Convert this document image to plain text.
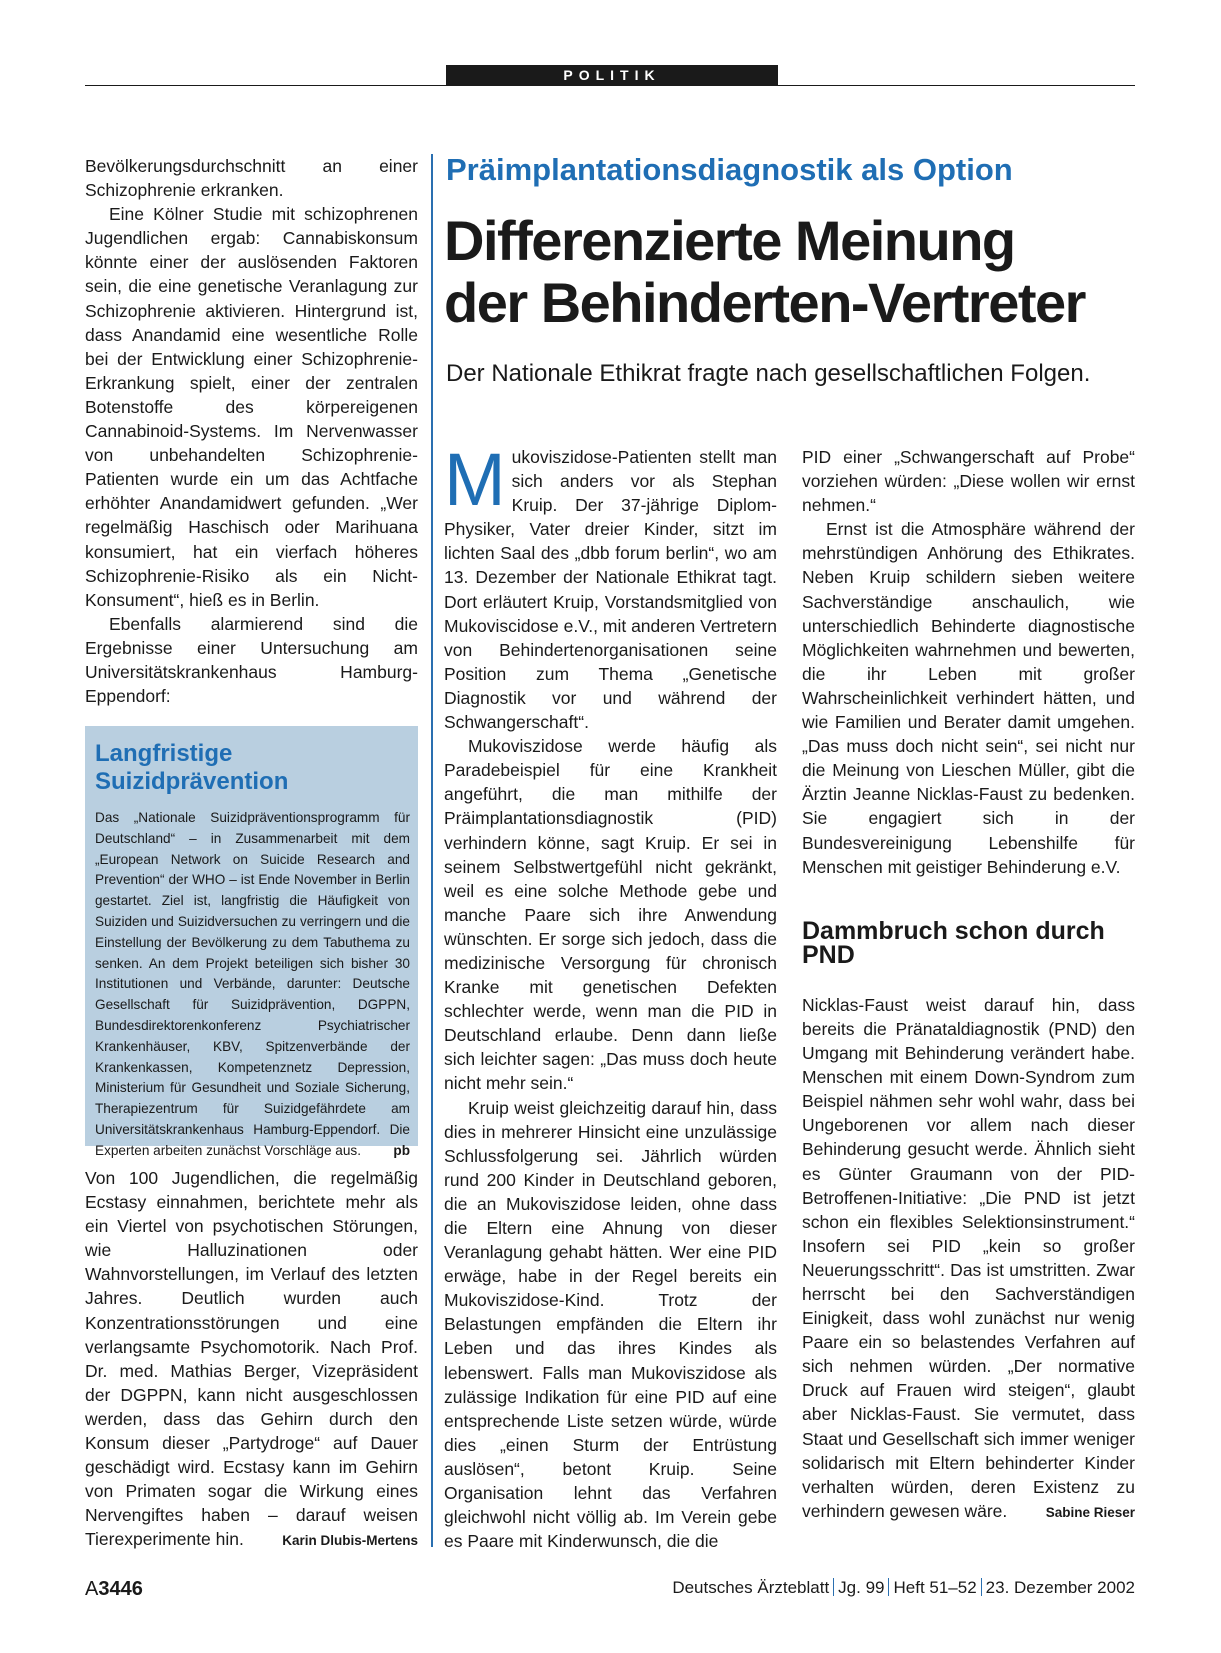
POLITIK

Bevölkerungsdurchschnitt an einer Schizophrenie erkranken.

Eine Kölner Studie mit schizophrenen Jugendlichen ergab: Cannabiskonsum könnte einer der auslösenden Faktoren sein, die eine genetische Veranlagung zur Schizophrenie aktivieren. Hintergrund ist, dass Anandamid eine wesentliche Rolle bei der Entwicklung einer Schizophrenie-Erkrankung spielt, einer der zentralen Botenstoffe des körpereigenen Cannabinoid-Systems. Im Nervenwasser von unbehandelten Schizophrenie-Patienten wurde ein um das Achtfache erhöhter Anandamidwert gefunden. „Wer regelmäßig Haschisch oder Marihuana konsumiert, hat ein vierfach höheres Schizophrenie-Risiko als ein Nicht-Konsument“, hieß es in Berlin.

Ebenfalls alarmierend sind die Ergebnisse einer Untersuchung am Universitätskrankenhaus Hamburg-Eppendorf:

Langfristige Suizidprävention
Das „Nationale Suizidpräventionsprogramm für Deutschland“ – in Zusammenarbeit mit dem „European Network on Suicide Research and Prevention“ der WHO – ist Ende November in Berlin gestartet. Ziel ist, langfristig die Häufigkeit von Suiziden und Suizidversuchen zu verringern und die Einstellung der Bevölkerung zu dem Tabuthema zu senken. An dem Projekt beteiligen sich bisher 30 Institutionen und Verbände, darunter: Deutsche Gesellschaft für Suizidprävention, DGPPN, Bundesdirektorenkonferenz Psychiatrischer Krankenhäuser, KBV, Spitzenverbände der Krankenkassen, Kompetenznetz Depression, Ministerium für Gesundheit und Soziale Sicherung, Therapiezentrum für Suizidgefährdete am Universitätskrankenhaus Hamburg-Eppendorf. Die Experten arbeiten zunächst Vorschläge aus.	pb

Von 100 Jugendlichen, die regelmäßig Ecstasy einnahmen, berichtete mehr als ein Viertel von psychotischen Störungen, wie Halluzinationen oder Wahnvorstellungen, im Verlauf des letzten Jahres. Deutlich wurden auch Konzentrationsstörungen und eine verlangsamte Psychomotorik. Nach Prof. Dr. med. Mathias Berger, Vizepräsident der DGPPN, kann nicht ausgeschlossen werden, dass das Gehirn durch den Konsum dieser „Partydroge“ auf Dauer geschädigt wird. Ecstasy kann im Gehirn von Primaten sogar die Wirkung eines Nervengiftes haben – darauf weisen Tierexperimente hin.	Karin Dlubis-Mertens

Präimplantationsdiagnostik als Option
Differenzierte Meinung
der Behinderten-Vertreter
Der Nationale Ethikrat fragte nach gesellschaftlichen Folgen.

Mukoviszidose-Patienten stellt man sich anders vor als Stephan Kruip. Der 37-jährige Diplom-Physiker, Vater dreier Kinder, sitzt im lichten Saal des „dbb forum berlin“, wo am 13. Dezember der Nationale Ethikrat tagt. Dort erläutert Kruip, Vorstandsmitglied von Mukoviscidose e.V., mit anderen Vertretern von Behindertenorganisationen seine Position zum Thema „Genetische Diagnostik vor und während der Schwangerschaft“.

Mukoviszidose werde häufig als Paradebeispiel für eine Krankheit angeführt, die man mithilfe der Präimplantationsdiagnostik (PID) verhindern könne, sagt Kruip. Er sei in seinem Selbstwertgefühl nicht gekränkt, weil es eine solche Methode gebe und manche Paare sich ihre Anwendung wünschten. Er sorge sich jedoch, dass die medizinische Versorgung für chronisch Kranke mit genetischen Defekten schlechter werde, wenn man die PID in Deutschland erlaube. Denn dann ließe sich leichter sagen: „Das muss doch heute nicht mehr sein.“

Kruip weist gleichzeitig darauf hin, dass dies in mehrerer Hinsicht eine unzulässige Schlussfolgerung sei. Jährlich würden rund 200 Kinder in Deutschland geboren, die an Mukoviszidose leiden, ohne dass die Eltern eine Ahnung von dieser Veranlagung gehabt hätten. Wer eine PID erwäge, habe in der Regel bereits ein Mukoviszidose-Kind. Trotz der Belastungen empfänden die Eltern ihr Leben und das ihres Kindes als lebenswert. Falls man Mukoviszidose als zulässige Indikation für eine PID auf eine entsprechende Liste setzen würde, würde dies „einen Sturm der Entrüstung auslösen“, betont Kruip. Seine Organisation lehnt das Verfahren gleichwohl nicht völlig ab. Im Verein gebe es Paare mit Kinderwunsch, die die

PID einer „Schwangerschaft auf Probe“ vorziehen würden: „Diese wollen wir ernst nehmen.“

Ernst ist die Atmosphäre während der mehrstündigen Anhörung des Ethikrates. Neben Kruip schildern sieben weitere Sachverständige anschaulich, wie unterschiedlich Behinderte diagnostische Möglichkeiten wahrnehmen und bewerten, die ihr Leben mit großer Wahrscheinlichkeit verhindert hätten, und wie Familien und Berater damit umgehen. „Das muss doch nicht sein“, sei nicht nur die Meinung von Lieschen Müller, gibt die Ärztin Jeanne Nicklas-Faust zu bedenken. Sie engagiert sich in der Bundesvereinigung Lebenshilfe für Menschen mit geistiger Behinderung e.V.

Dammbruch schon durch PND

Nicklas-Faust weist darauf hin, dass bereits die Pränataldiagnostik (PND) den Umgang mit Behinderung verändert habe. Menschen mit einem Down-Syndrom zum Beispiel nähmen sehr wohl wahr, dass bei Ungeborenen vor allem nach dieser Behinderung gesucht werde. Ähnlich sieht es Günter Graumann von der PID-Betroffenen-Initiative: „Die PND ist jetzt schon ein flexibles Selektionsinstrument.“ Insofern sei PID „kein so großer Neuerungsschritt“. Das ist umstritten. Zwar herrscht bei den Sachverständigen Einigkeit, dass wohl zunächst nur wenig Paare ein so belastendes Verfahren auf sich nehmen würden. „Der normative Druck auf Frauen wird steigen“, glaubt aber Nicklas-Faust. Sie vermutet, dass Staat und Gesellschaft sich immer weniger solidarisch mit Eltern behinderter Kinder verhalten würden, deren Existenz zu verhindern gewesen wäre.	Sabine Rieser

A3446	Deutsches Ärzteblatt Jg. 99 Heft 51–52 23. Dezember 2002
